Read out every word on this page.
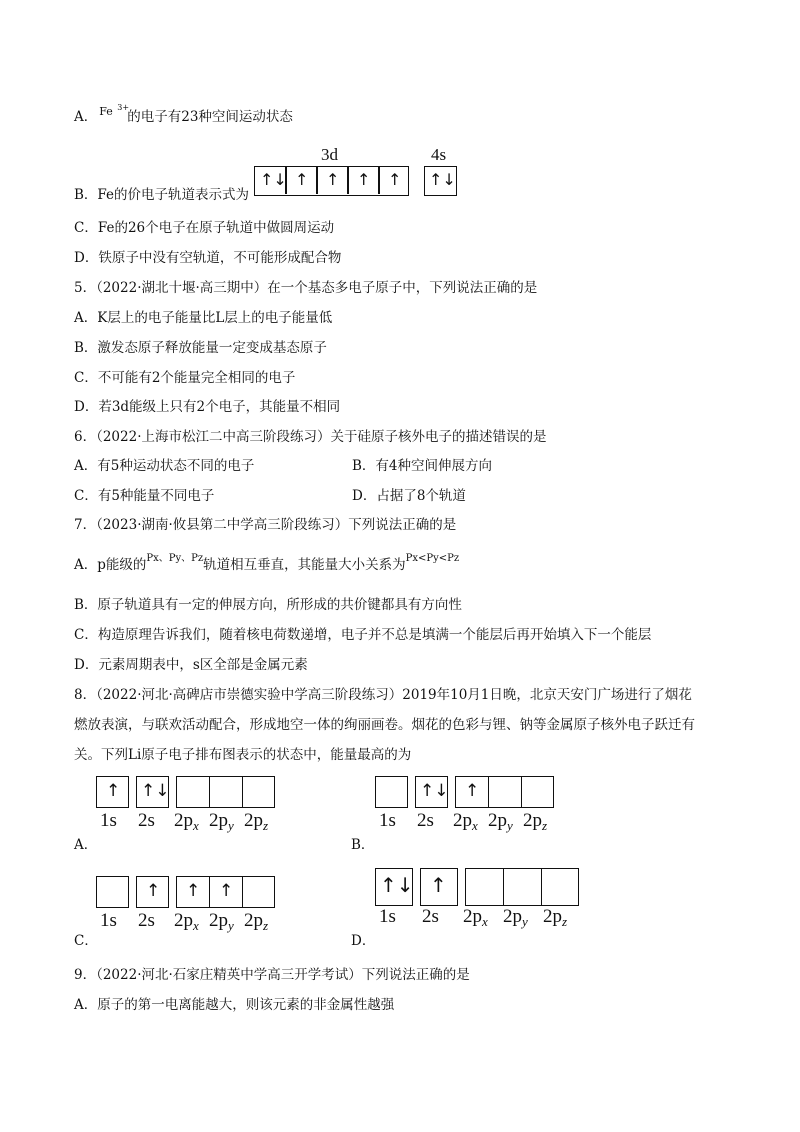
A． Fe 3+
的电子有23种空间运动状态
3d	4s
↑↓ ↑ ↑ ↑ ↑ ↑↓
B．Fe的价电子轨道表示式为
C．Fe的26个电子在原子轨道中做圆周运动
D．铁原子中没有空轨道，不可能形成配合物
5．（2022·湖北十堰·高三期中）在一个基态多电子原子中，下列说法正确的是
A．K层上的电子能量比L层上的电子能量低
B．激发态原子释放能量一定变成基态原子
C．不可能有2个能量完全相同的电子
D．若3d能级上只有2个电子，其能量不相同
6．（2022·上海市松江二中高三阶段练习）关于硅原子核外电子的描述错误的是
A．有5种运动状态不同的电子	B．有4种空间伸展方向
C．有5种能量不同电子	D．占据了8个轨道
7．（2023·湖南·攸县第二中学高三阶段练习）下列说法正确的是
A．p能级的$^{Px、Py、Pz}$轨道相互垂直，其能量大小关系为$^{Px<Py<Pz}$
B．原子轨道具有一定的伸展方向，所形成的共价键都具有方向性
C．构造原理告诉我们，随着核电荷数递增，电子并不总是填满一个能层后再开始填入下一个能层
D．元素周期表中，s区全部是金属元素
8．（2022·河北·高碑店市崇德实验中学高三阶段练习）2019年10月1日晚，北京天安门广场进行了烟花
燃放表演，与联欢活动配合，形成地空一体的绚丽画卷。烟花的色彩与锂、钠等金属原子核外电子跃迁有
关。下列Li原子电子排布图表示的状态中，能量最高的为
↑ ↑↓
1s 2s $2p_x$ $2p_y$ $2p_z$
A．
↑↓ ↑
1s 2s $2p_x$ $2p_y$ $2p_z$
B．
↑ ↑ ↑
1s 2s $2p_x$ $2p_y$ $2p_z$
C．
↑↓ ↑
1s 2s $2p_x$ $2p_y$ $2p_z$
D．
9．（2022·河北·石家庄精英中学高三开学考试）下列说法正确的是
A．原子的第一电离能越大，则该元素的非金属性越强
